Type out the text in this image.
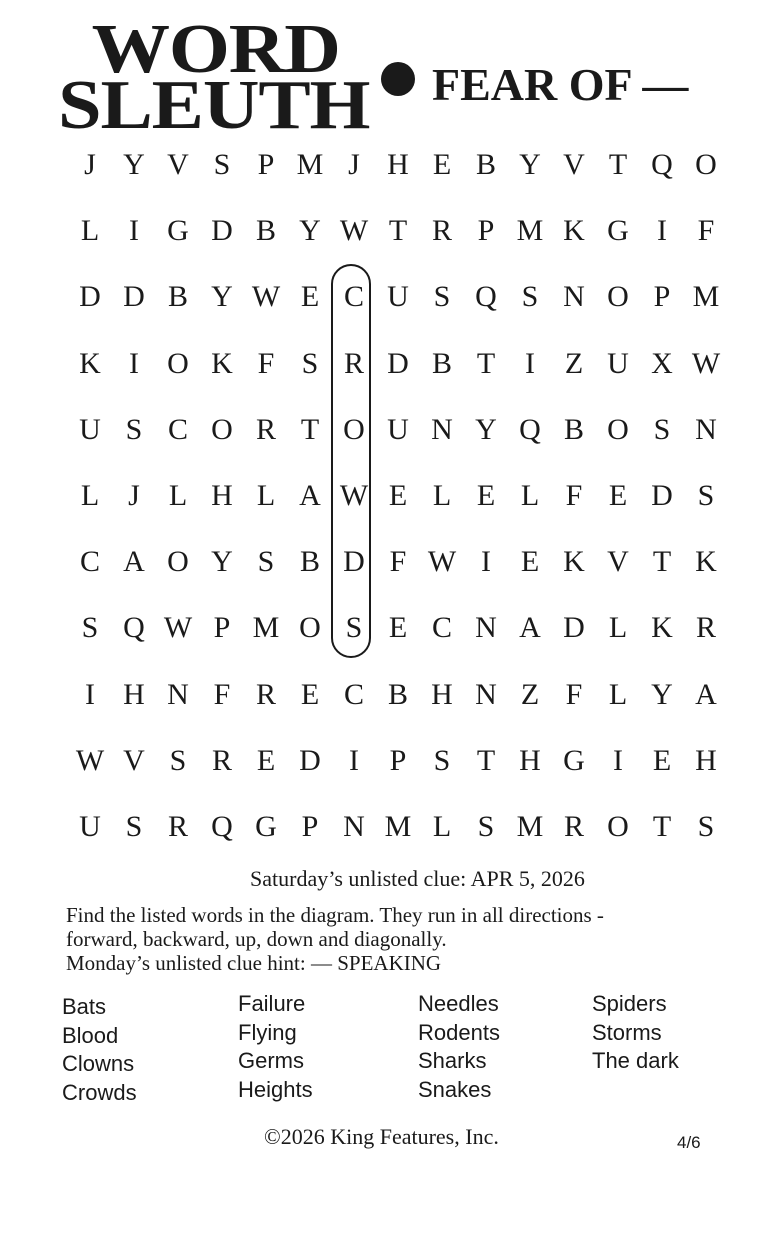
WORD
SLEUTH FEAR OF —
J Y V S P M J H E B Y V T Q O
L I G D B Y W T R P M K G I	F
D D B Y W E C U S Q S N O P M
K I O K F S R D B T I Z U X W
U S C O R T O U N Y Q B O S N
L J L H L A W E L E L F E D S
C A O Y S B D F W I E K V T K
S Q W P M O S E C N A D L K R
I H N F R E C B H N Z F L Y A
W V S R E D I	P S T H G I E H
U S R Q G P N M L S M R O T S
Saturday’s unlisted clue: APR 5, 2026
Find the listed words in the diagram. They run in all directions -
forward, backward, up, down and diagonally.
Monday’s unlisted clue hint: — SPEAKING
Bats
Blood
Clowns
Crowds
Failure
Flying
Germs
Heights
Needles
Rodents
Sharks
Snakes
Spiders
Storms
The dark
©2026 King Features, Inc.	4/6
